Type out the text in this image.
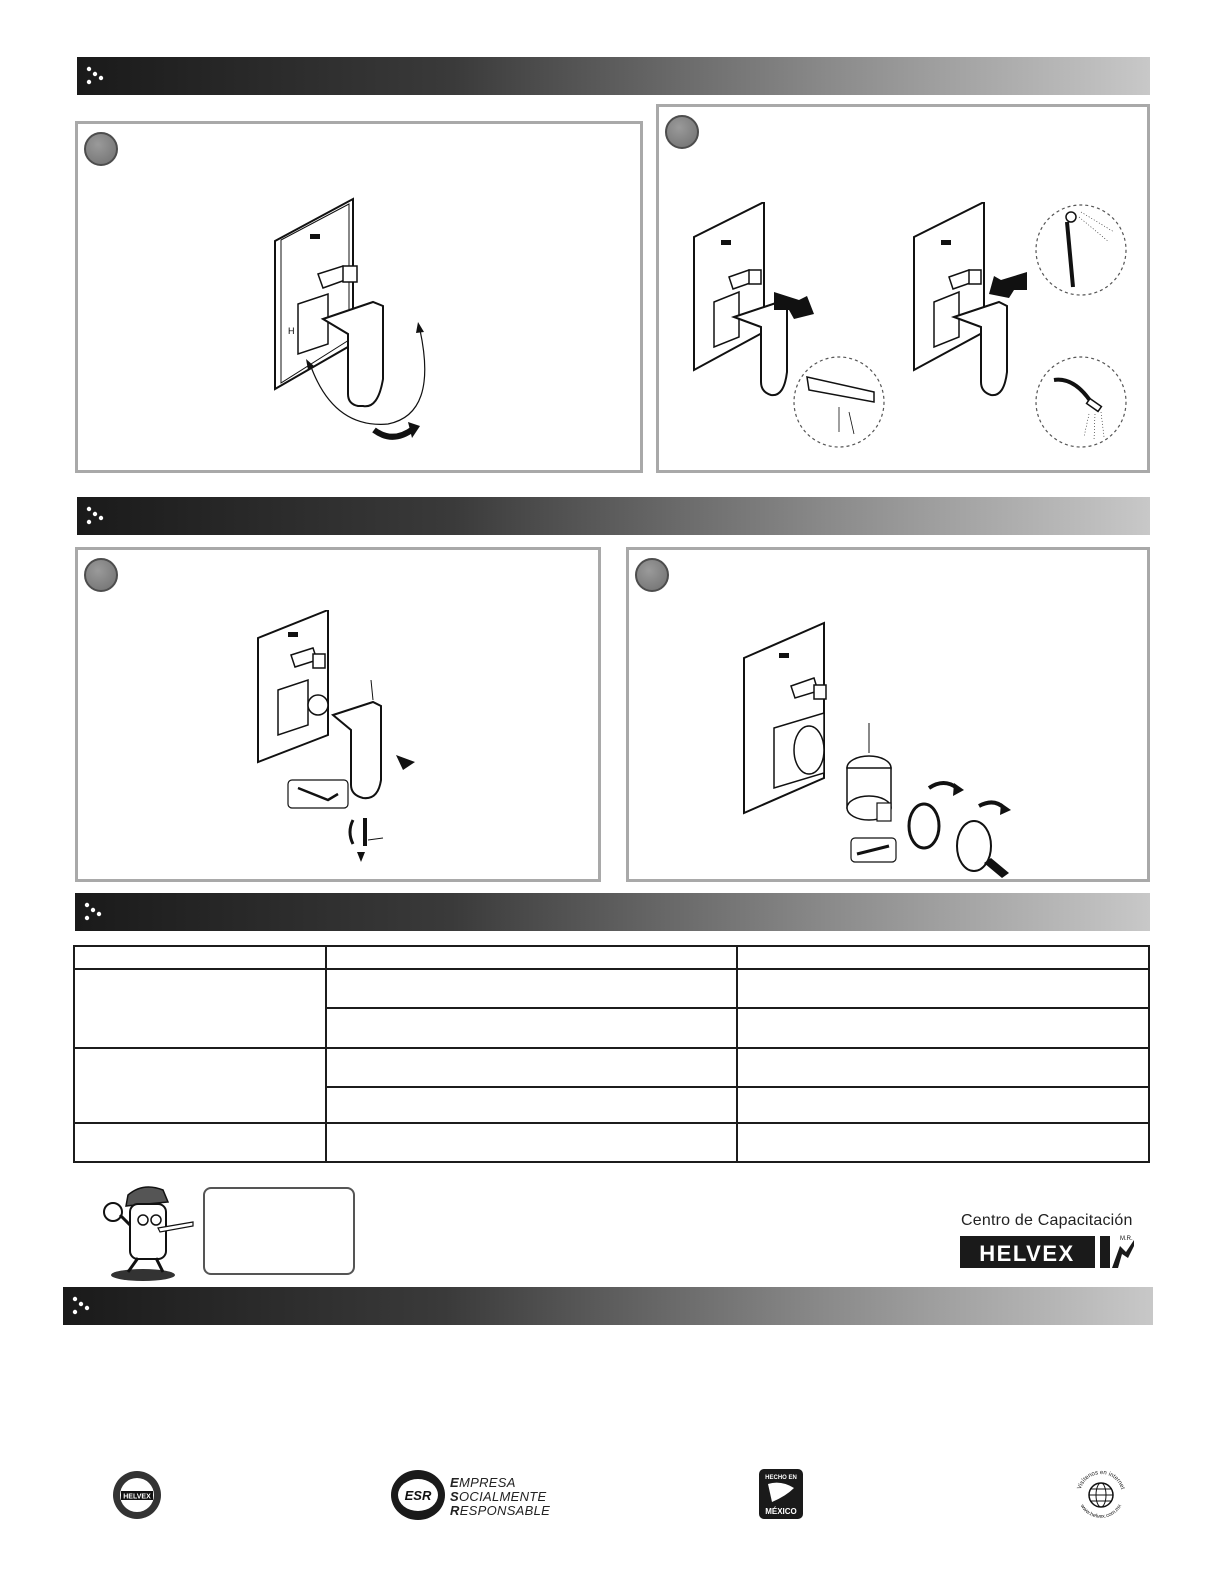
H

Centro de Capacitación
HELVEX
M.R.
HELVEX	ESR
EMPRESA
SOCIALMENTE
RESPONSABLE
HECHO EN
MÉXICO
Visítenos en internet
www.helvex.com.mx
